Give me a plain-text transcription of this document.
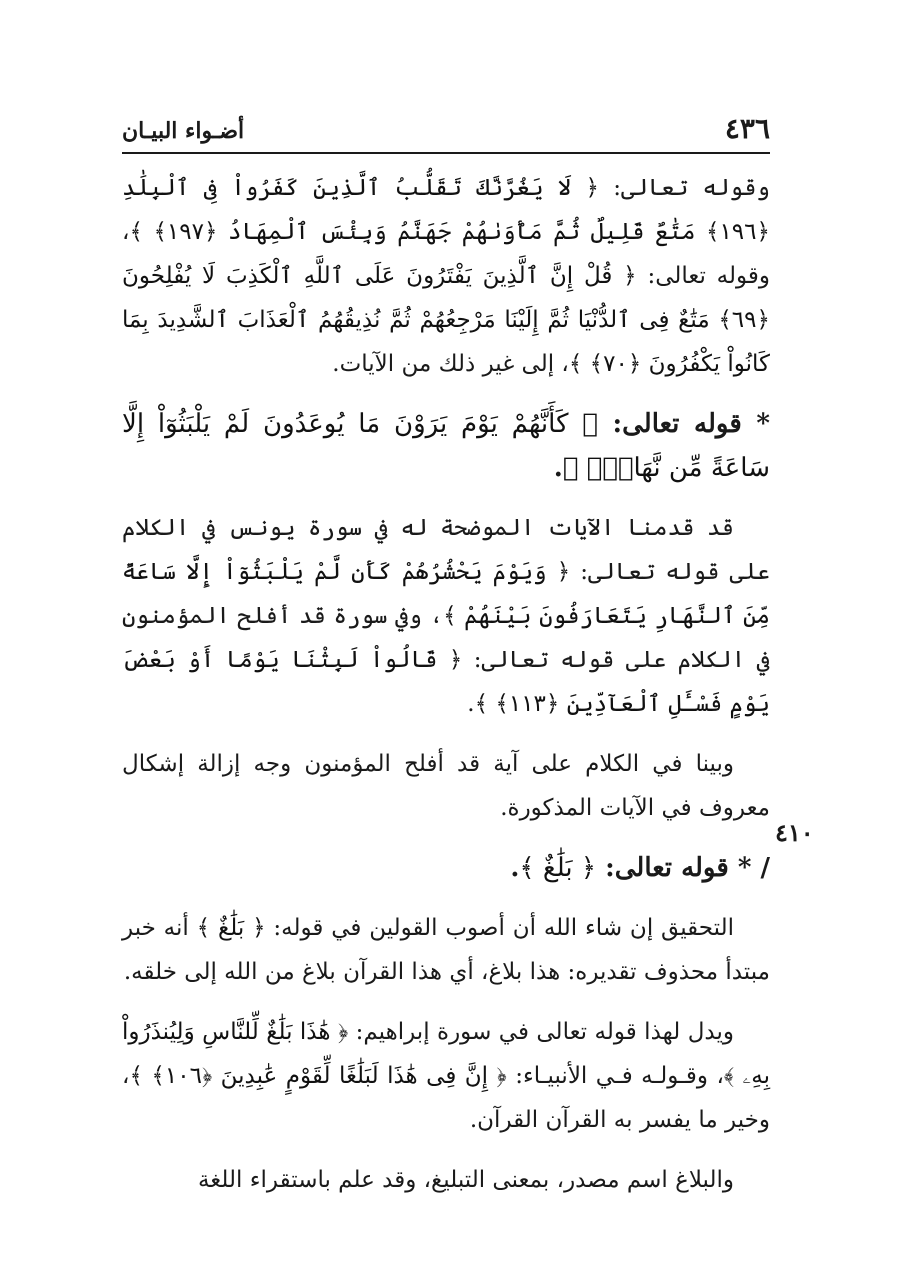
٤٣٦
أضـواء البيـان
٤١٠

وقوله تعالى: ﴿ لَا يَغُرَّنَّكَ تَقَلُّبُ ٱلَّذِينَ كَفَرُواْ فِى ٱلْبِلَٰدِ ﴿١٩٦﴾ مَتَٰعٌ قَلِيلٌ ثُمَّ مَأْوَىٰهُمْ جَهَنَّمُ وَبِئْسَ ٱلْمِهَادُ ﴿١٩٧﴾ ﴾، وقوله تعالى: ﴿ قُلْ إِنَّ ٱلَّذِينَ يَفْتَرُونَ عَلَى ٱللَّهِ ٱلْكَذِبَ لَا يُفْلِحُونَ ﴿٦٩﴾ مَتَٰعٌ فِى ٱلدُّنْيَا ثُمَّ إِلَيْنَا مَرْجِعُهُمْ ثُمَّ نُذِيقُهُمُ ٱلْعَذَابَ ٱلشَّدِيدَ بِمَا كَانُواْ يَكْفُرُونَ ﴿٧٠﴾ ﴾، إلى غير ذلك من الآيات.

* قوله تعالى: ﴿ كَأَنَّهُمْ يَوْمَ يَرَوْنَ مَا يُوعَدُونَ لَمْ يَلْبَثُوٓاْ إِلَّا سَاعَةً مِّن نَّهَارٍۭ ﴾.

قد قدمنا الآيات الموضحة له في سورة يونس في الكلام على قوله تعالى: ﴿ وَيَوْمَ يَحْشُرُهُمْ كَأَن لَّمْ يَلْبَثُوٓاْ إِلَّا سَاعَةً مِّنَ ٱلنَّهَارِ يَتَعَارَفُونَ بَيْنَهُمْ ﴾، وفي سورة قد أفلح المؤمنون في الكلام على قوله تعالى: ﴿ قَالُواْ لَبِثْنَا يَوْمًا أَوْ بَعْضَ يَوْمٍ فَسْـَٔلِ ٱلْعَآدِّينَ ﴿١١٣﴾ ﴾.

وبينا في الكلام على آية قد أفلح المؤمنون وجه إزالة إشكال معروف في الآيات المذكورة.

/ * قوله تعالى: ﴿ بَلَٰغٌ ﴾.

التحقيق إن شاء الله أن أصوب القولين في قوله: ﴿ بَلَٰغٌ ﴾ أنه خبر مبتدأ محذوف تقديره: هذا بلاغ، أي هذا القرآن بلاغ من الله إلى خلقه.

ويدل لهذا قوله تعالى في سورة إبراهيم: ﴿ هَٰذَا بَلَٰغٌ لِّلنَّاسِ وَلِيُنذَرُواْ بِهِۦ ﴾، وقـولـه فـي الأنبيـاء: ﴿ إِنَّ فِى هَٰذَا لَبَلَٰغًا لِّقَوْمٍ عَٰبِدِينَ ﴿١٠٦﴾ ﴾، وخير ما يفسر به القرآن القرآن.

والبلاغ اسم مصدر، بمعنى التبليغ، وقد علم باستقراء اللغة
